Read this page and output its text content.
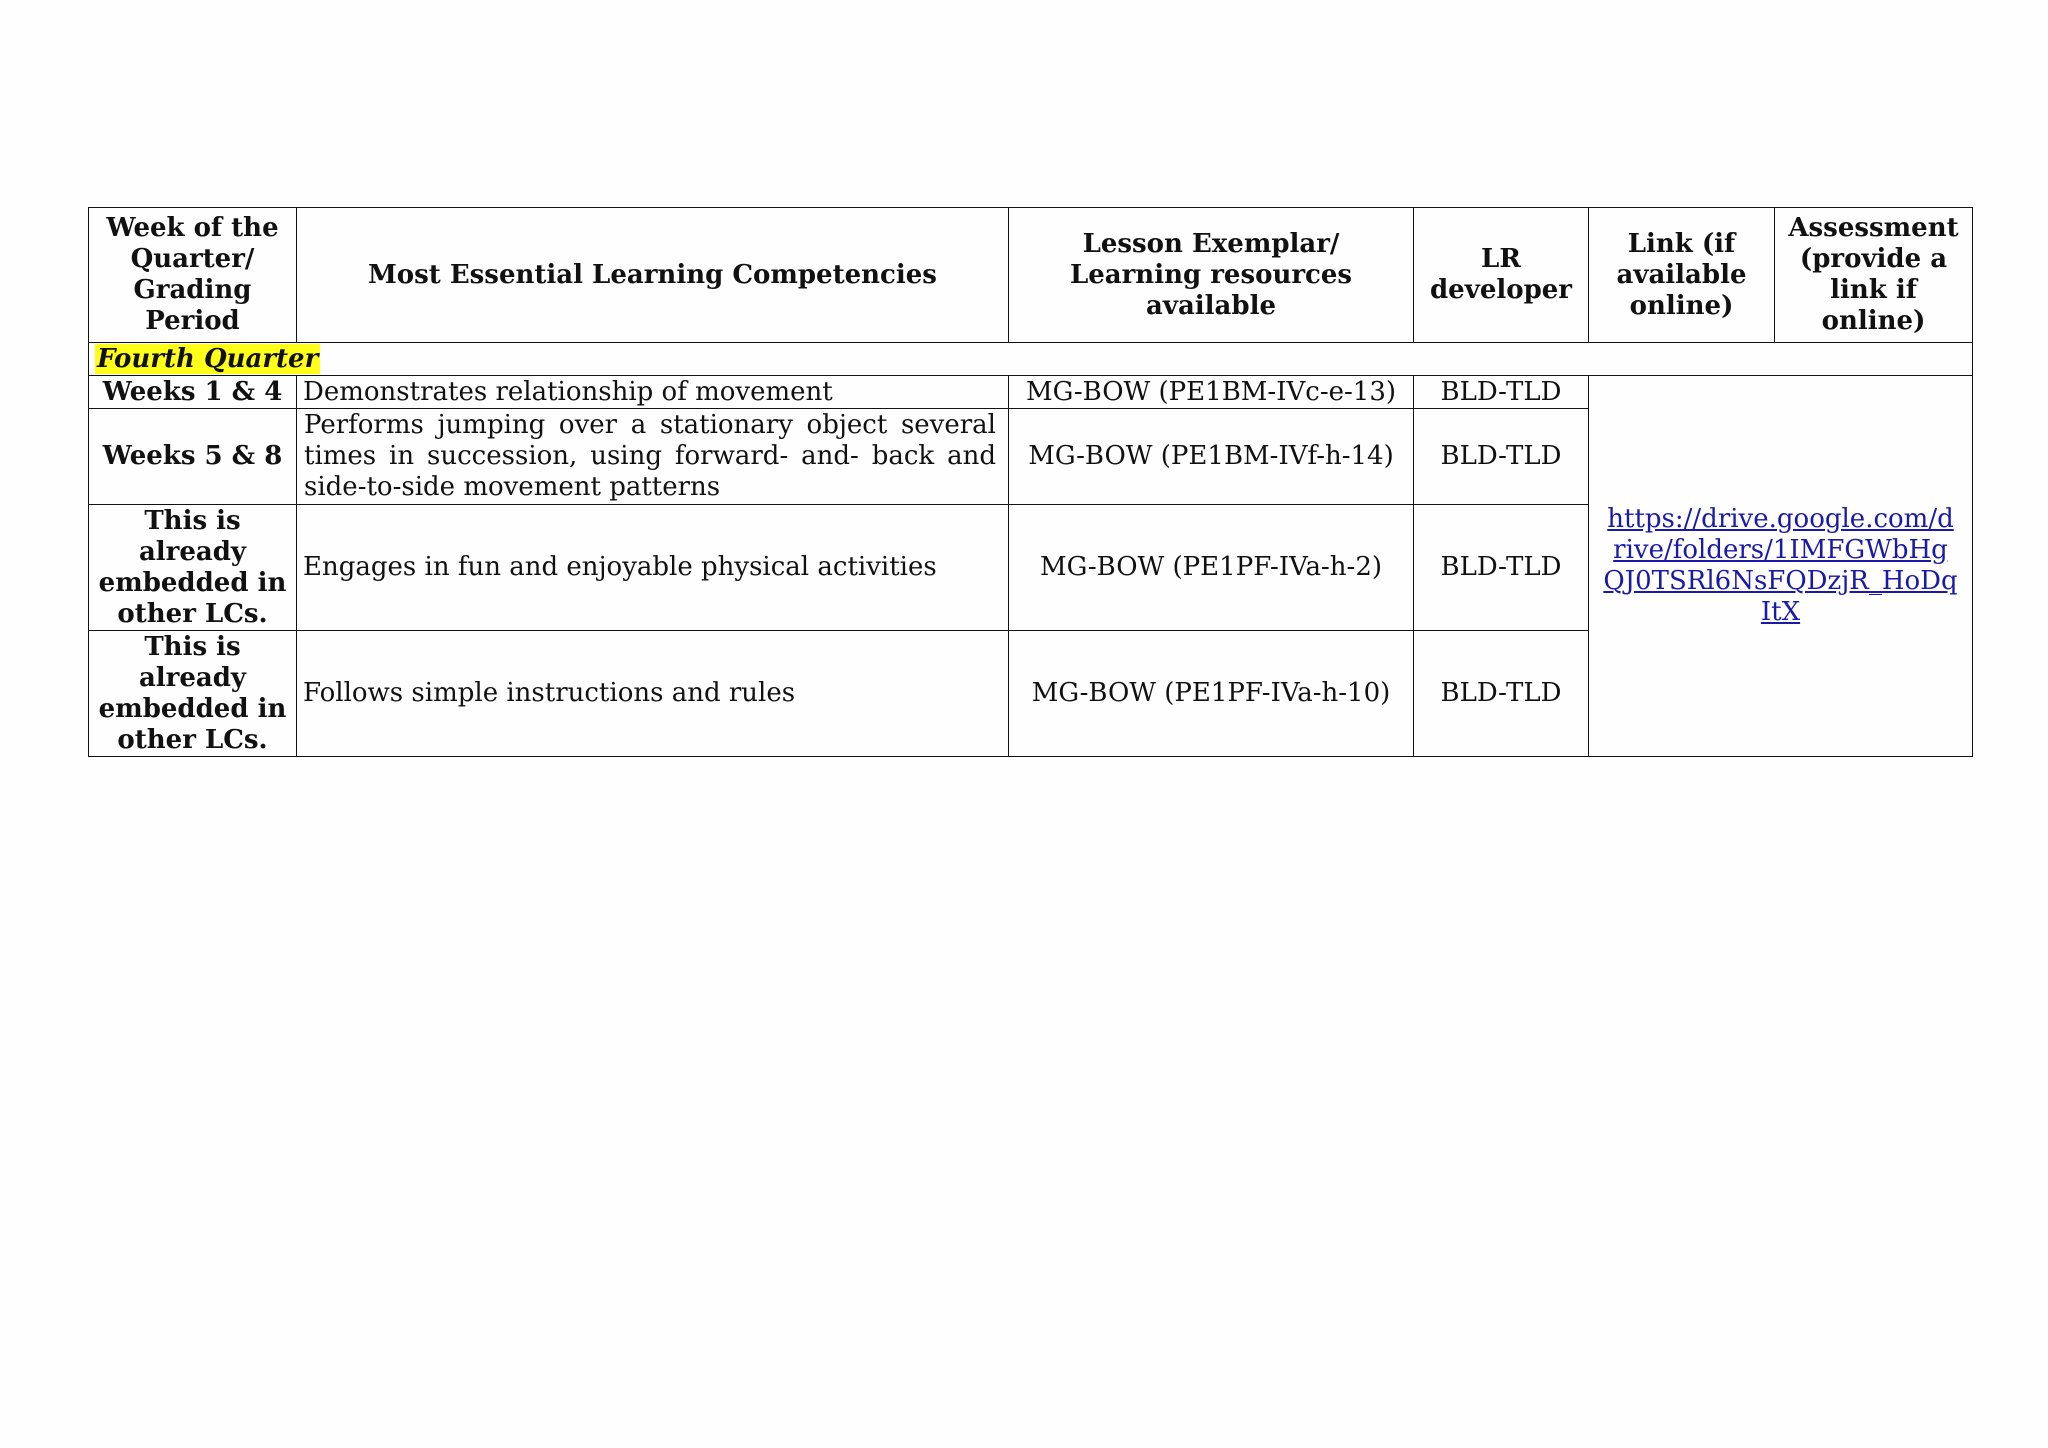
Week of the Quarter/ Grading Period	Most Essential Learning Competencies	Lesson Exemplar/ Learning resources available	LR developer	Link (if available online)	Assessment (provide a link if online)
Fourth Quarter					
Weeks 1 & 4	Demonstrates relationship of movement	MG-BOW (PE1BM-IVc-e-13)	BLD-TLD	https://drive.google.com/drive/folders/1IMFGWbHgQJ0TSRl6NsFQDzjR_HoDqItX	

Weeks 5 & 8	Performs jumping over a stationary object several times in succession, using forward- and- back and side-to-side movement patterns	MG-BOW (PE1BM-IVf-h-14)	BLD-TLD		
This is already embedded in other LCs.	Engages in fun and enjoyable physical activities	MG-BOW (PE1PF-IVa-h-2)	BLD-TLD		
This is already embedded in other LCs.	Follows simple instructions and rules	MG-BOW (PE1PF-IVa-h-10)	BLD-TLD		
